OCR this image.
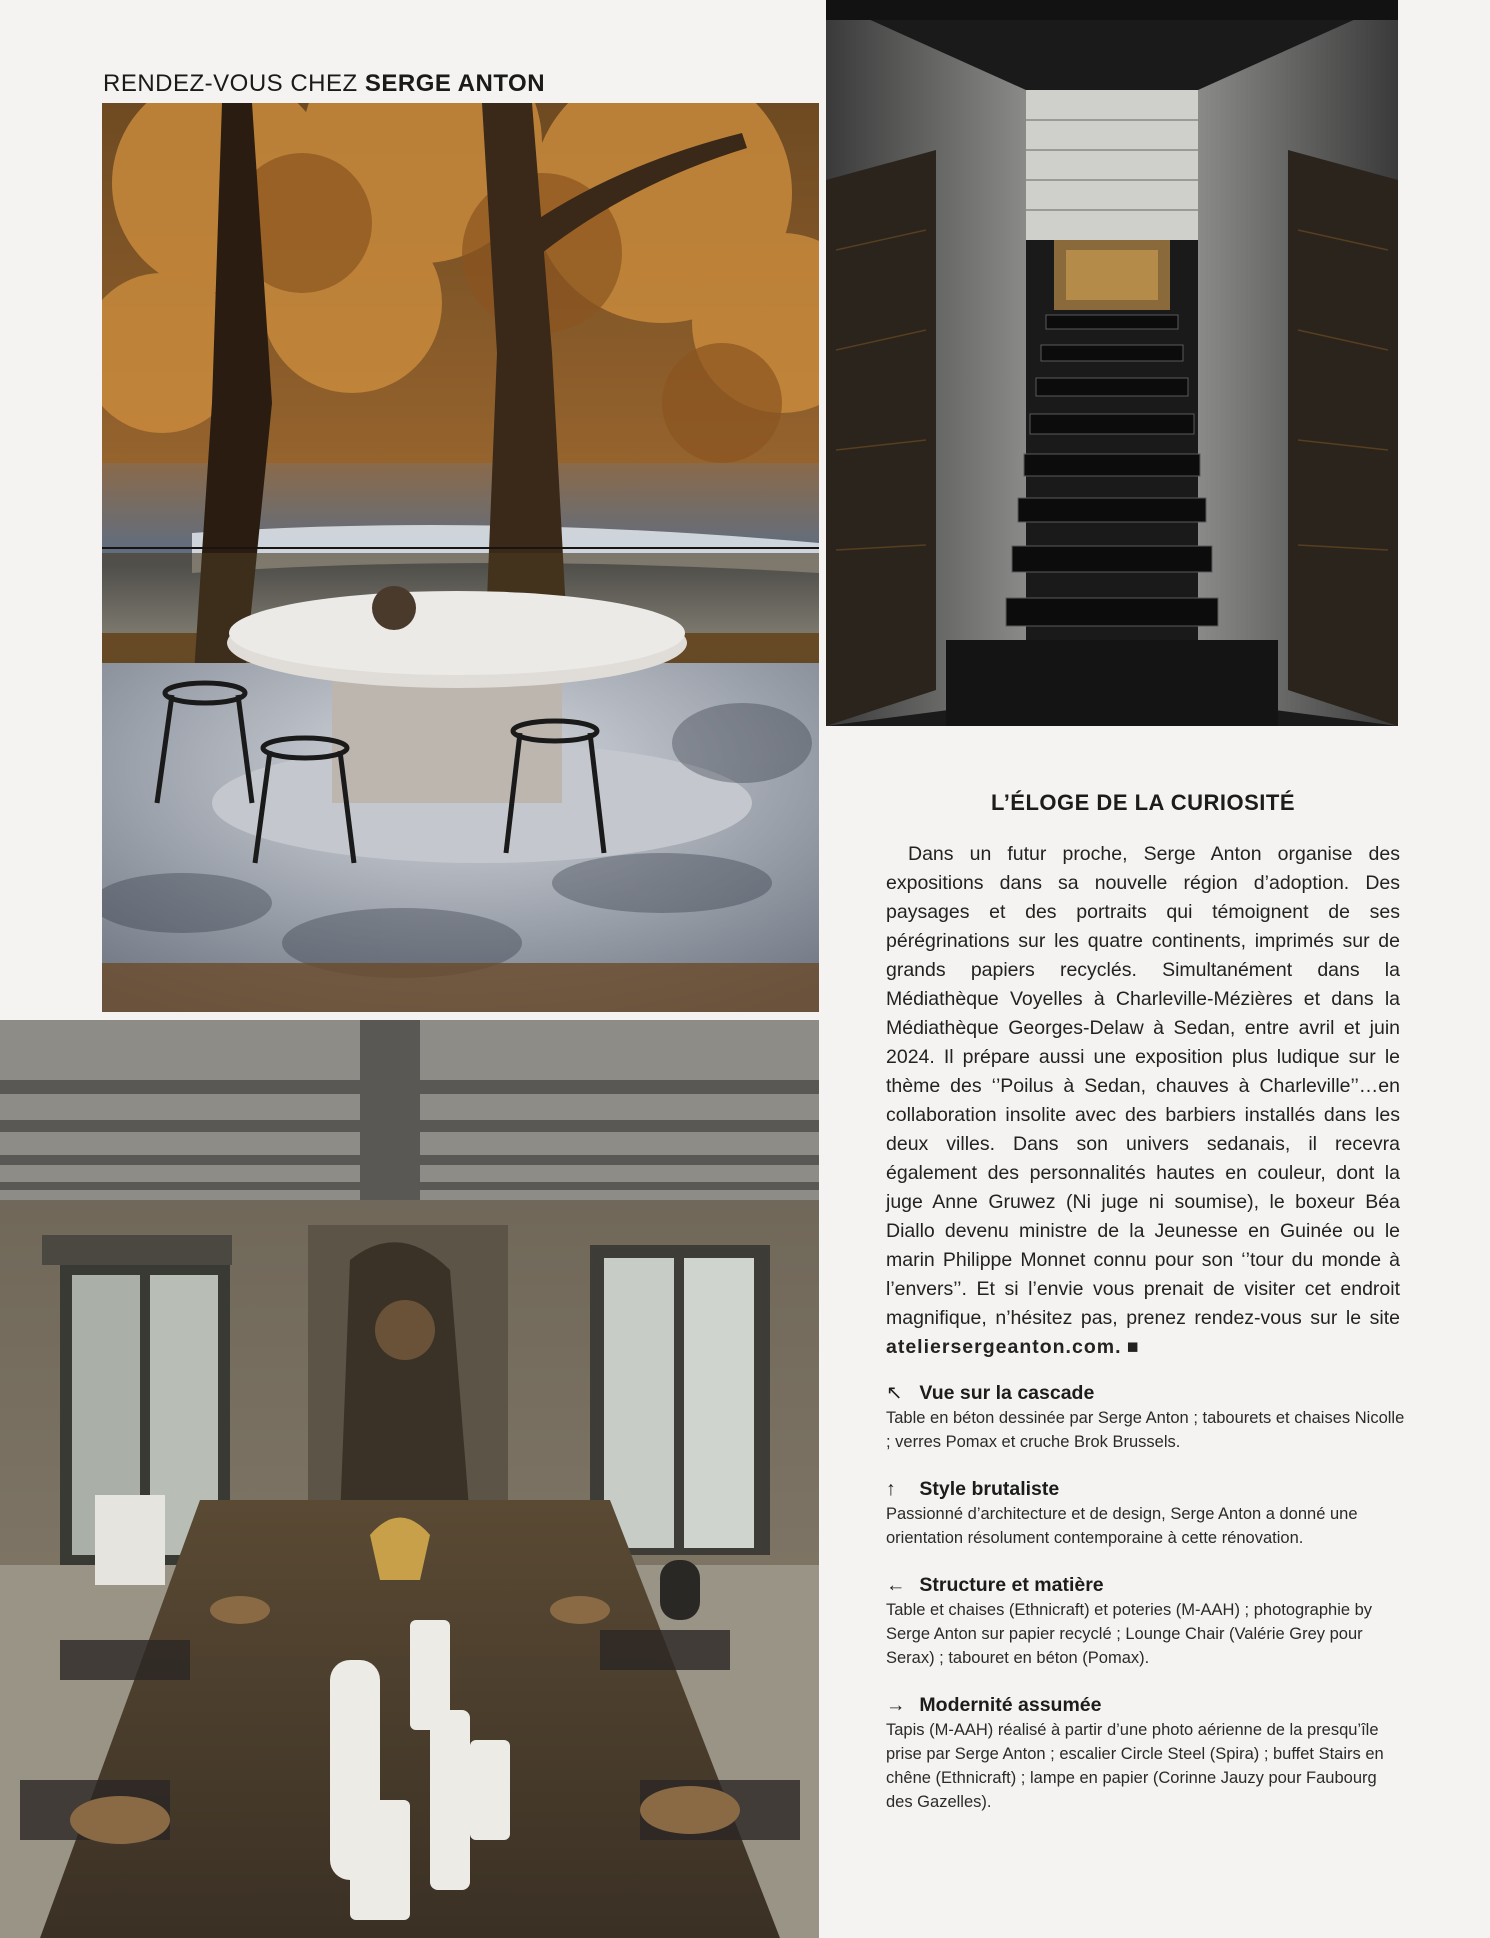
RENDEZ-VOUS CHEZ SERGE ANTON
L’ÉLOGE DE LA CURIOSITÉ
Dans un futur proche, Serge Anton organise des expositions dans sa nouvelle région d’adoption. Des paysages et des portraits qui témoignent de ses pérégrinations sur les quatre continents, imprimés sur de grands papiers recyclés. Simultanément dans la Médiathèque Voyelles à Charleville-Mézières et dans la Médiathèque Georges-Delaw à Sedan, entre avril et juin 2024. Il prépare aussi une exposition plus ludique sur le thème des ‘’Poilus à Sedan, chauves à Charleville’’…en collaboration insolite avec des barbiers installés dans les deux villes. Dans son univers sedanais, il recevra également des personnalités hautes en couleur, dont la juge Anne Gruwez (Ni juge ni soumise), le boxeur Béa Diallo devenu ministre de la Jeunesse en Guinée ou le marin Philippe Monnet connu pour son ‘’tour du monde à l’envers’’. Et si l’envie vous prenait de visiter cet endroit magnifique, n’hésitez pas, prenez rendez-vous sur le site ateliersergeanton.com. ■
↖ Vue sur la cascade
Table en béton dessinée par Serge Anton ; tabourets et chaises Nicolle ; verres Pomax et cruche Brok Brussels.
↑ Style brutaliste
Passionné d’architecture et de design, Serge Anton a donné une orientation résolument contemporaine à cette rénovation.
← Structure et matière
Table et chaises (Ethnicraft) et poteries (M-AAH) ; photographie by Serge Anton sur papier recyclé ; Lounge Chair (Valérie Grey pour Serax) ; tabouret en béton (Pomax).
→ Modernité assumée
Tapis (M-AAH) réalisé à partir d’une photo aérienne de la presqu’île prise par Serge Anton ; escalier Circle Steel (Spira) ; buffet Stairs en chêne (Ethnicraft) ; lampe en papier (Corinne Jauzy pour Faubourg des Gazelles).
